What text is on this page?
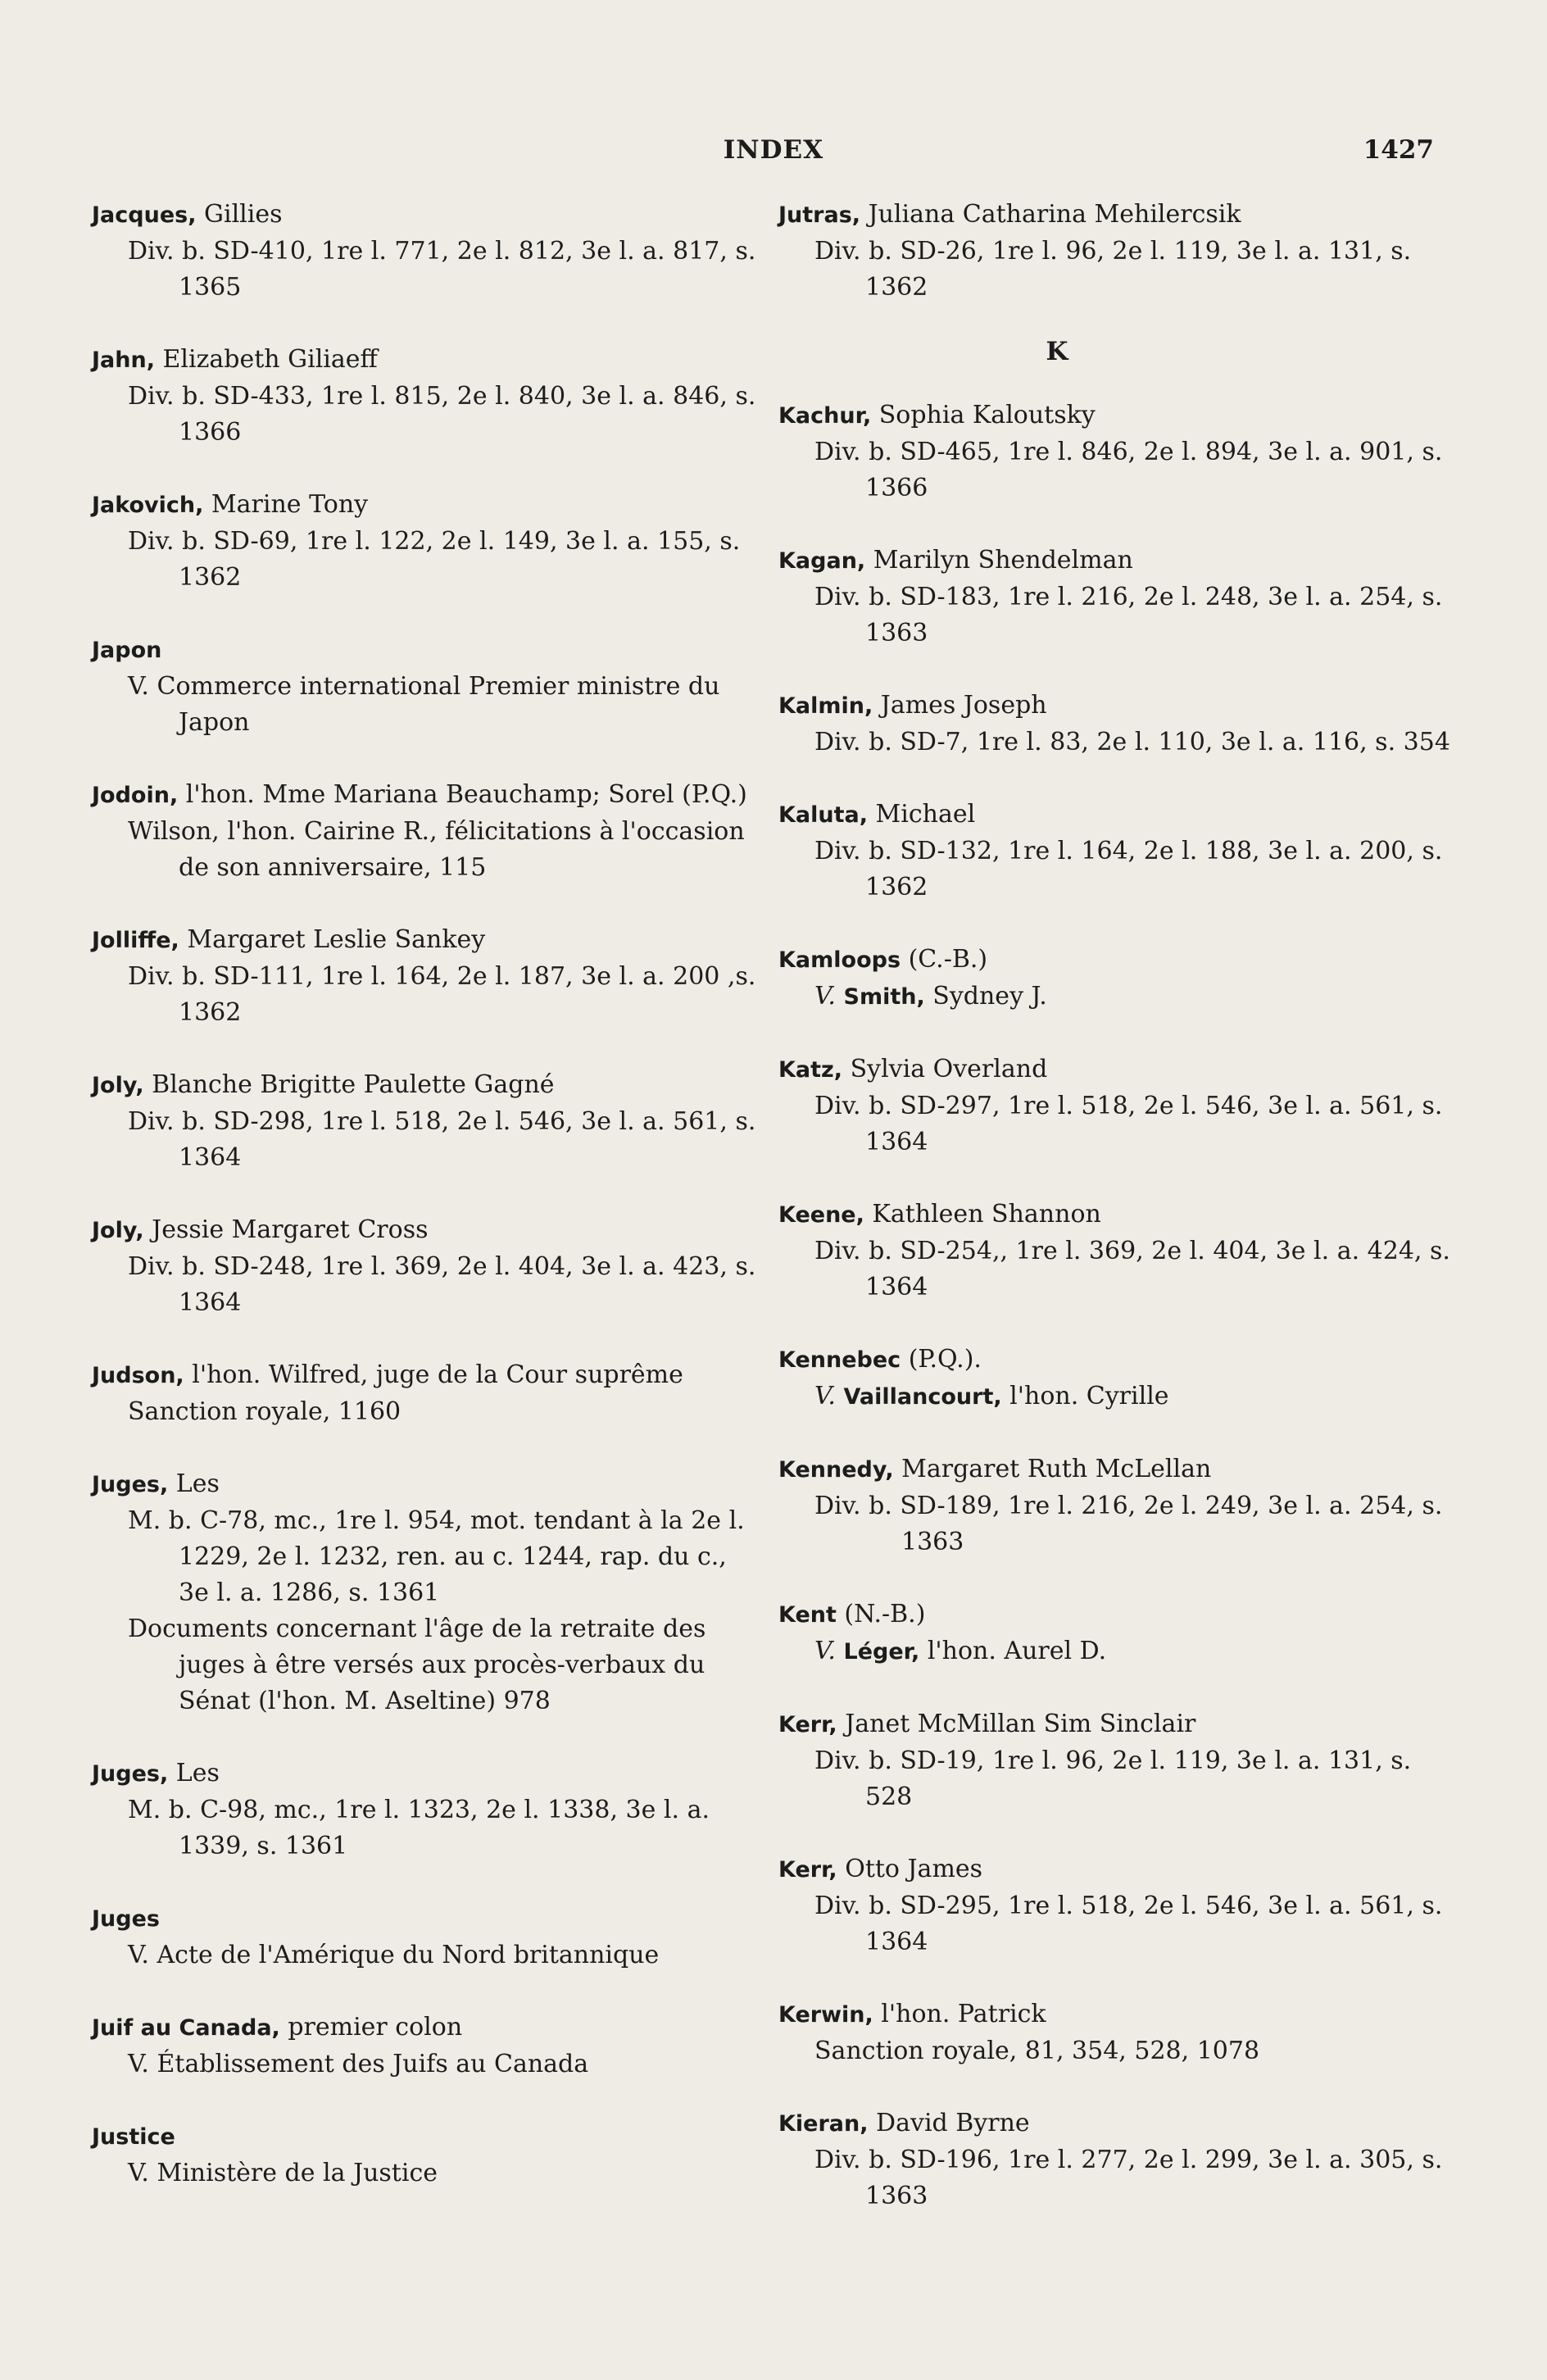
INDEX	1427
Jacques, Gillies
Div. b. SD-410, 1re l. 771, 2e l. 812, 3e l. a. 817, s. 1365
Jahn, Elizabeth Giliaeff
Div. b. SD-433, 1re l. 815, 2e l. 840, 3e l. a. 846, s. 1366
Jakovich, Marine Tony
Div. b. SD-69, 1re l. 122, 2e l. 149, 3e l. a. 155, s. 1362
Japon
V. Commerce international Premier ministre du Japon
Jodoin, l'hon. Mme Mariana Beauchamp; Sorel (P.Q.)
Wilson, l'hon. Cairine R., félicitations à l'occasion de son anniversaire, 115
Jolliffe, Margaret Leslie Sankey
Div. b. SD-111, 1re l. 164, 2e l. 187, 3e l. a. 200 ,s. 1362
Joly, Blanche Brigitte Paulette Gagné
Div. b. SD-298, 1re l. 518, 2e l. 546, 3e l. a. 561, s. 1364
Joly, Jessie Margaret Cross
Div. b. SD-248, 1re l. 369, 2e l. 404, 3e l. a. 423, s. 1364
Judson, l'hon. Wilfred, juge de la Cour suprême
Sanction royale, 1160
Juges, Les
M. b. C-78, mc., 1re l. 954, mot. tendant à la 2e l. 1229, 2e l. 1232, ren. au c. 1244, rap. du c., 3e l. a. 1286, s. 1361
Documents concernant l'âge de la retraite des juges à être versés aux procès-verbaux du Sénat (l'hon. M. Aseltine) 978
Juges, Les
M. b. C-98, mc., 1re l. 1323, 2e l. 1338, 3e l. a. 1339, s. 1361
Juges
V. Acte de l'Amérique du Nord britannique
Juif au Canada, premier colon
V. Établissement des Juifs au Canada
Justice
V. Ministère de la Justice
Jutras, Juliana Catharina Mehilercsik
Div. b. SD-26, 1re l. 96, 2e l. 119, 3e l. a. 131, s. 1362
K
Kachur, Sophia Kaloutsky
Div. b. SD-465, 1re l. 846, 2e l. 894, 3e l. a. 901, s. 1366
Kagan, Marilyn Shendelman
Div. b. SD-183, 1re l. 216, 2e l. 248, 3e l. a. 254, s. 1363
Kalmin, James Joseph
Div. b. SD-7, 1re l. 83, 2e l. 110, 3e l. a. 116, s. 354
Kaluta, Michael
Div. b. SD-132, 1re l. 164, 2e l. 188, 3e l. a. 200, s. 1362
Kamloops (C.-B.)
V. Smith, Sydney J.
Katz, Sylvia Overland
Div. b. SD-297, 1re l. 518, 2e l. 546, 3e l. a. 561, s. 1364
Keene, Kathleen Shannon
Div. b. SD-254,, 1re l. 369, 2e l. 404, 3e l. a. 424, s. 1364
Kennebec (P.Q.).
V. Vaillancourt, l'hon. Cyrille
Kennedy, Margaret Ruth McLellan
Div. b. SD-189, 1re l. 216, 2e l. 249, 3e l. a. 254, s. 1363
Kent (N.-B.)
V. Léger, l'hon. Aurel D.
Kerr, Janet McMillan Sim Sinclair
Div. b. SD-19, 1re l. 96, 2e l. 119, 3e l. a. 131, s. 528
Kerr, Otto James
Div. b. SD-295, 1re l. 518, 2e l. 546, 3e l. a. 561, s. 1364
Kerwin, l'hon. Patrick
Sanction royale, 81, 354, 528, 1078
Kieran, David Byrne
Div. b. SD-196, 1re l. 277, 2e l. 299, 3e l. a. 305, s. 1363
